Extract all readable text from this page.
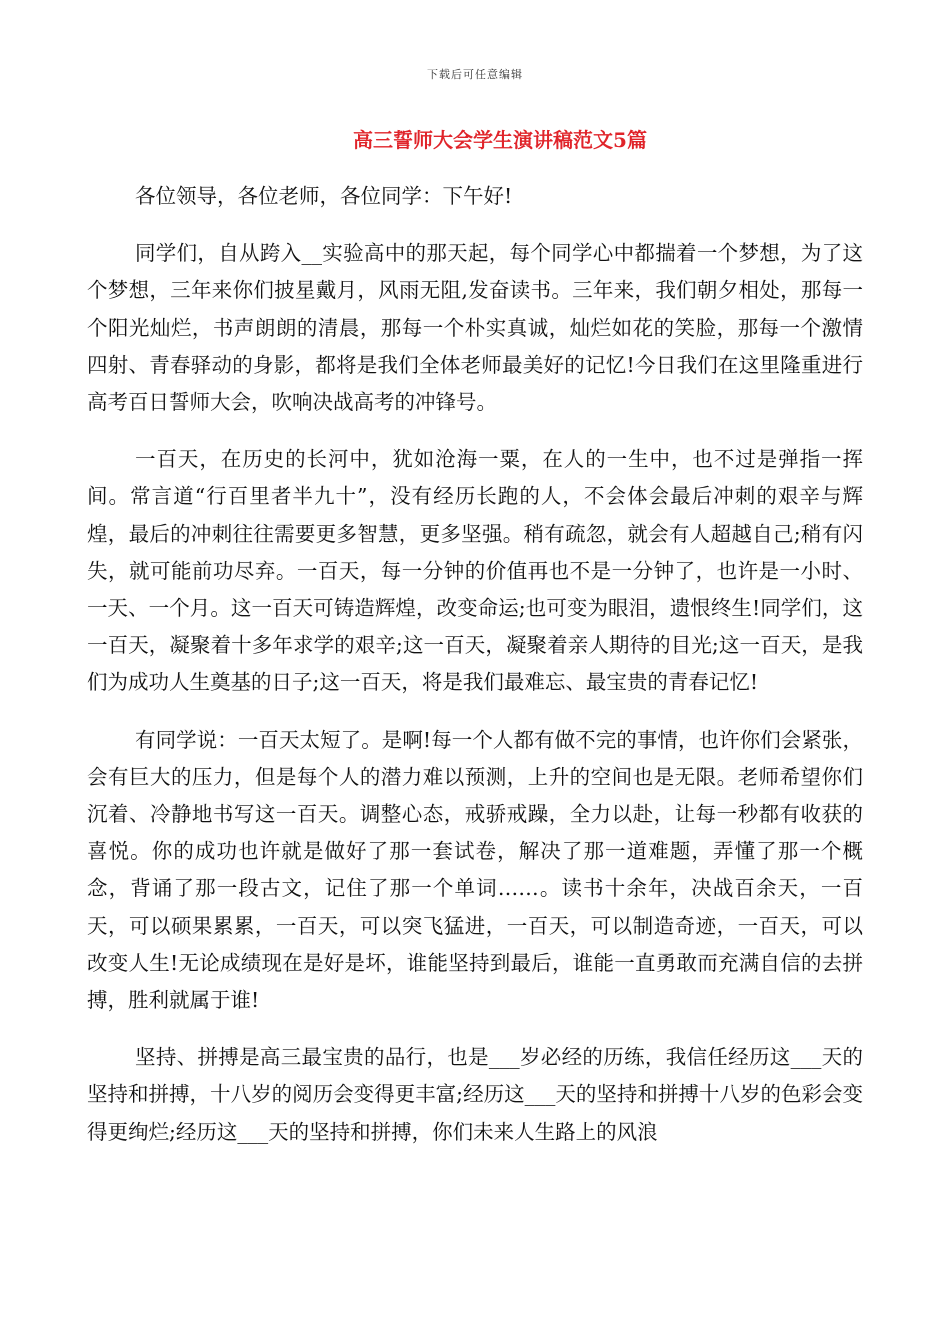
下载后可任意编辑
高三誓师大会学生演讲稿范文5篇

各位领导，各位老师，各位同学：下午好!

同学们，自从跨入__实验高中的那天起，每个同学心中都揣着一个梦想，为了这个梦想，三年来你们披星戴月，风雨无阻,发奋读书。三年来，我们朝夕相处，那每一个阳光灿烂，书声朗朗的清晨，那每一个朴实真诚，灿烂如花的笑脸，那每一个激情四射、青春驿动的身影，都将是我们全体老师最美好的记忆!今日我们在这里隆重进行高考百日誓师大会，吹响决战高考的冲锋号。

一百天，在历史的长河中，犹如沧海一粟，在人的一生中，也不过是弹指一挥间。常言道“行百里者半九十”，没有经历长跑的人，不会体会最后冲刺的艰辛与辉煌，最后的冲刺往往需要更多智慧，更多坚强。稍有疏忽，就会有人超越自己;稍有闪失，就可能前功尽弃。一百天，每一分钟的价值再也不是一分钟了，也许是一小时、一天、一个月。这一百天可铸造辉煌，改变命运;也可变为眼泪，遗恨终生!同学们，这一百天，凝聚着十多年求学的艰辛;这一百天，凝聚着亲人期待的目光;这一百天，是我们为成功人生奠基的日子;这一百天，将是我们最难忘、最宝贵的青春记忆!

有同学说：一百天太短了。是啊!每一个人都有做不完的事情，也许你们会紧张，会有巨大的压力，但是每个人的潜力难以预测，上升的空间也是无限。老师希望你们沉着、冷静地书写这一百天。调整心态，戒骄戒躁，全力以赴，让每一秒都有收获的喜悦。你的成功也许就是做好了那一套试卷，解决了那一道难题，弄懂了那一个概念，背诵了那一段古文，记住了那一个单词……。读书十余年，决战百余天，一百天，可以硕果累累，一百天，可以突飞猛进，一百天，可以制造奇迹，一百天，可以改变人生!无论成绩现在是好是坏，谁能坚持到最后，谁能一直勇敢而充满自信的去拼搏，胜利就属于谁!

坚持、拼搏是高三最宝贵的品行，也是___岁必经的历练，我信任经历这___天的坚持和拼搏，十八岁的阅历会变得更丰富;经历这___天的坚持和拼搏十八岁的色彩会变得更绚烂;经历这___天的坚持和拼搏，你们未来人生路上的风浪
